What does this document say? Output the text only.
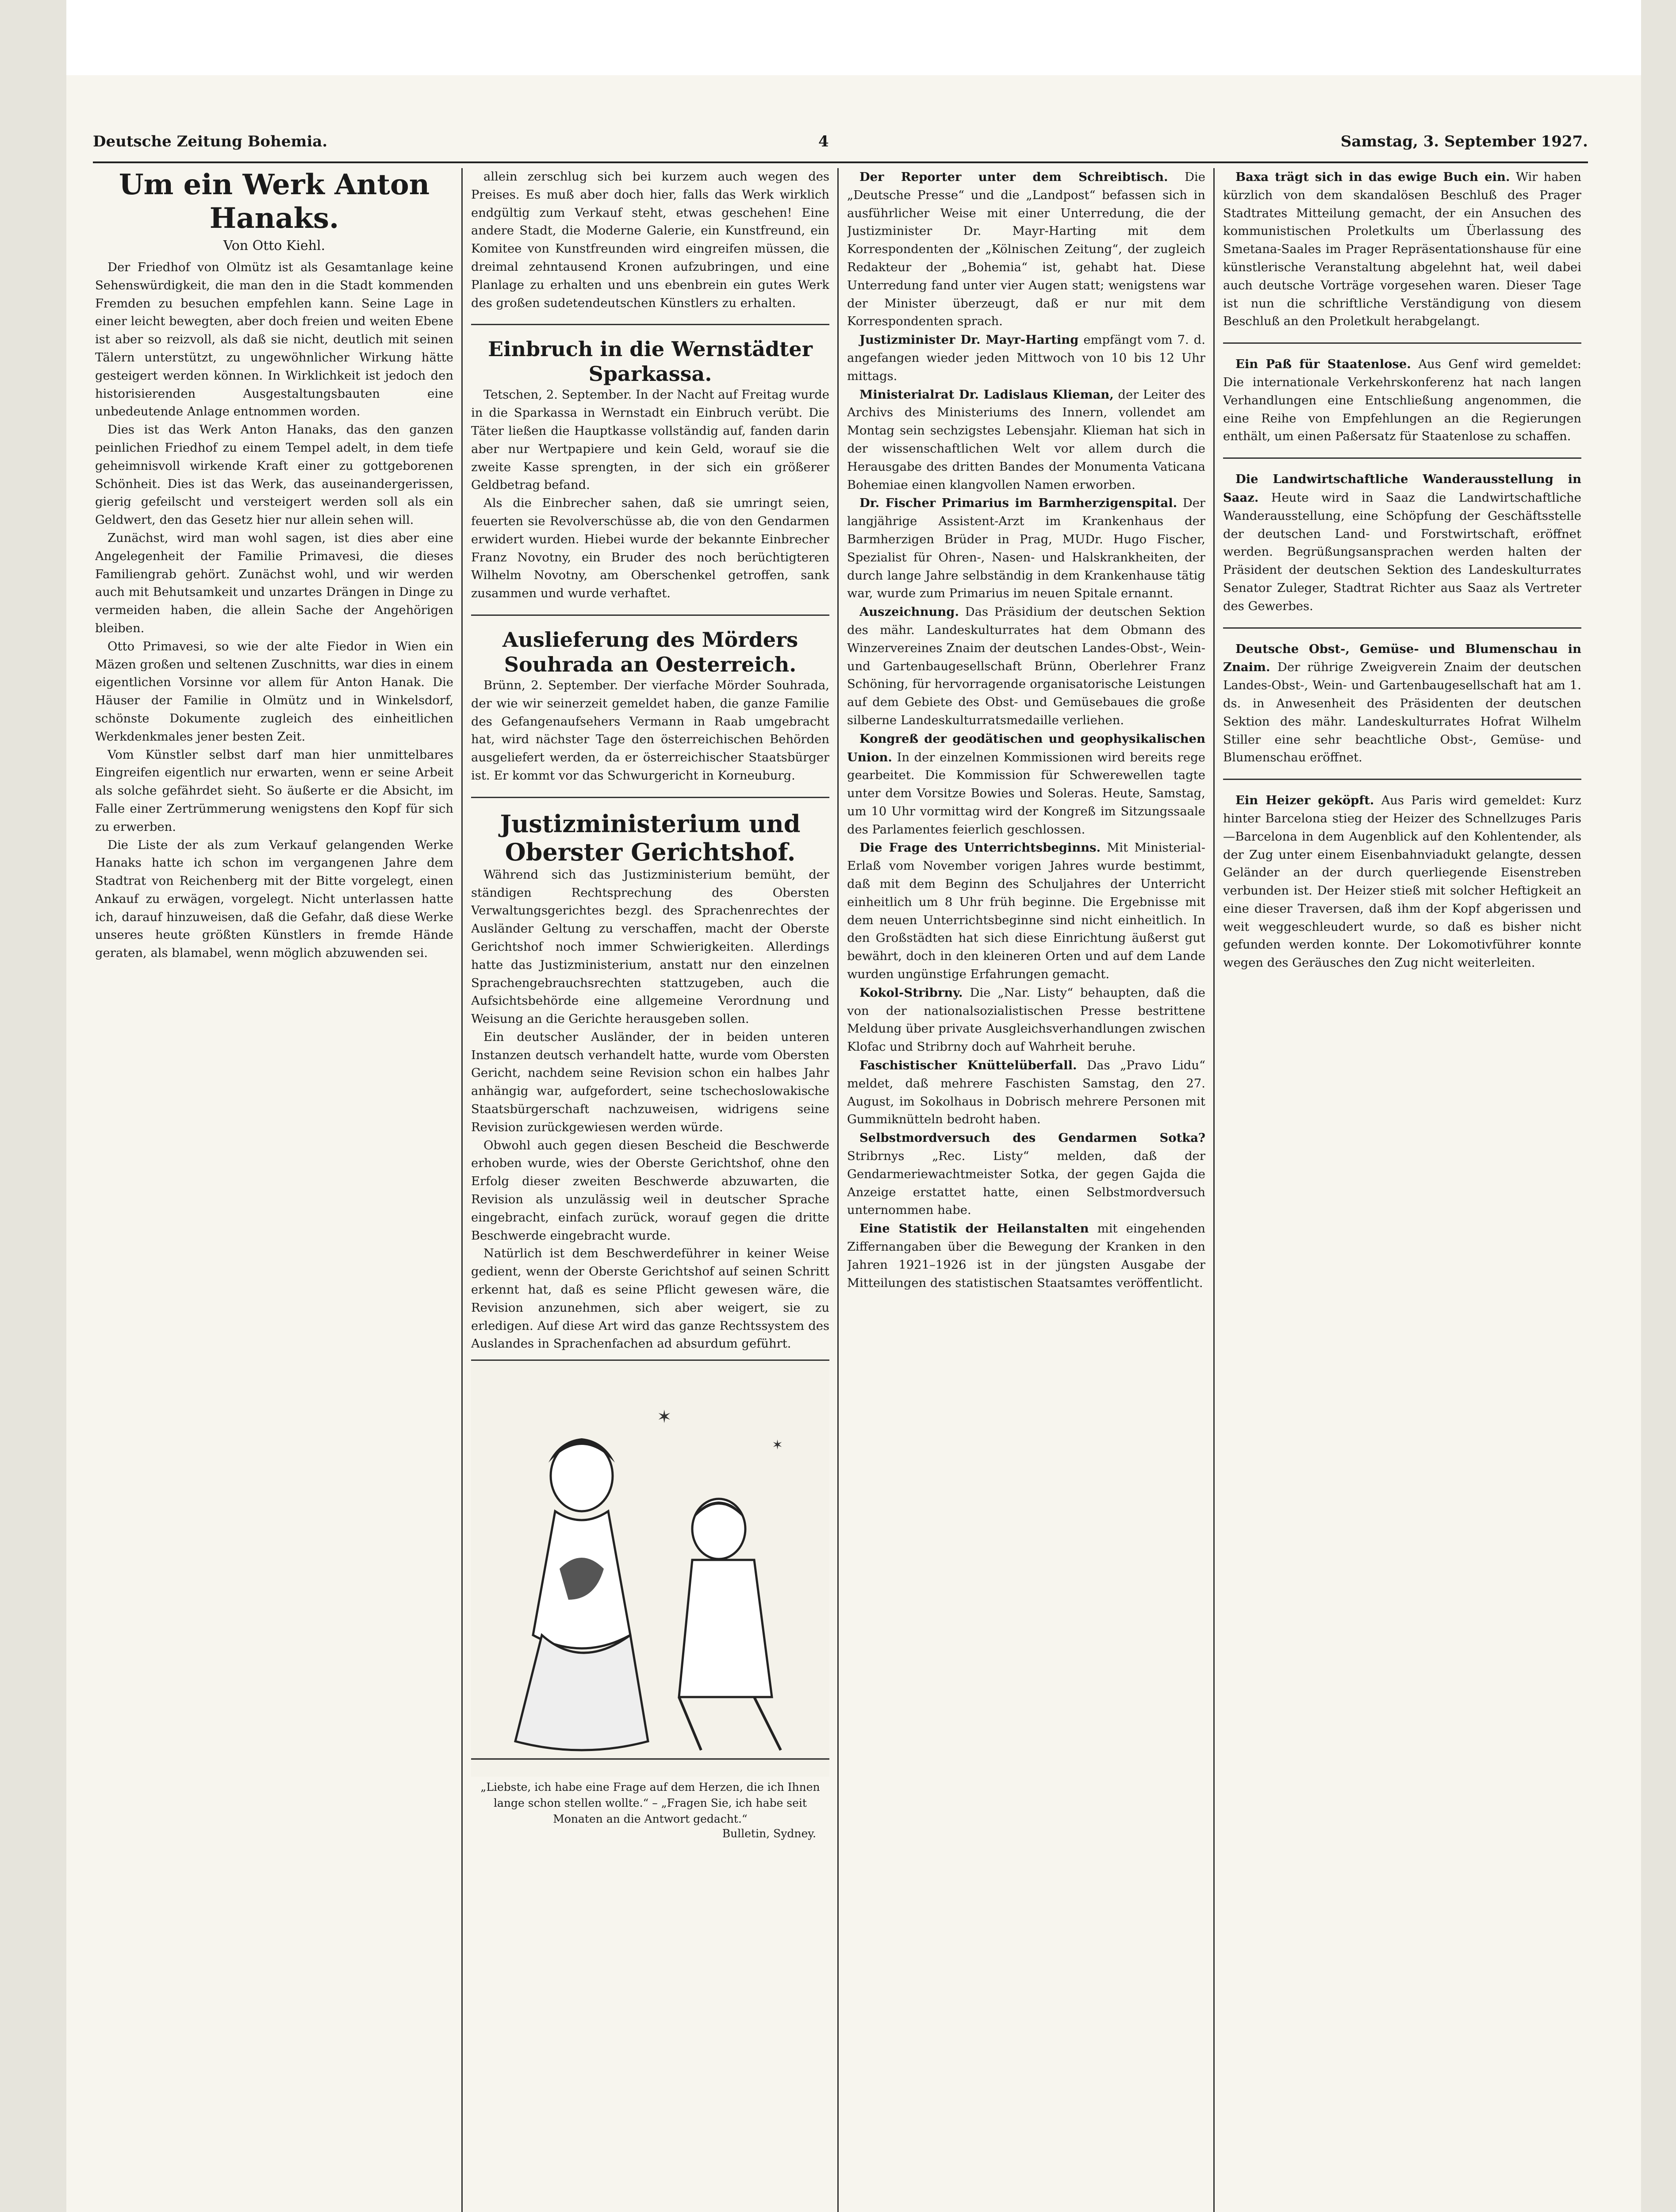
Deutsche Zeitung Bohemia.	4	Samstag, 3. September 1927.
Um ein Werk Anton Hanaks.
Von Otto Kiehl.

Der Friedhof von Olmütz ist als Gesamtanlage keine Sehenswürdigkeit, die man den in die Stadt kommenden Fremden zu besuchen empfehlen kann. Seine Lage in einer leicht bewegten, aber doch freien und weiten Ebene ist aber so reizvoll, als daß sie nicht, deutlich mit seinen Tälern unterstützt, zu ungewöhnlicher Wirkung hätte gesteigert werden können. In Wirklichkeit ist jedoch den historisierenden Ausgestaltungsbauten eine unbedeutende Anlage entnommen worden.

Dies ist das Werk Anton Hanaks, das den ganzen peinlichen Friedhof zu einem Tempel adelt, in dem tiefe geheimnisvoll wirkende Kraft einer zu gottgeborenen Schönheit. Dies ist das Werk, das auseinandergerissen, gierig gefeilscht und versteigert werden soll als ein Geldwert, den das Gesetz hier nur allein sehen will.

Zunächst, wird man wohl sagen, ist dies aber eine Angelegenheit der Familie Primavesi, die dieses Familiengrab gehört. Zunächst wohl, und wir werden auch mit Behutsamkeit und unzartes Drängen in Dinge zu vermeiden haben, die allein Sache der Angehörigen bleiben.

Otto Primavesi, so wie der alte Fiedor in Wien ein Mäzen großen und seltenen Zuschnitts, war dies in einem eigentlichen Vorsinne vor allem für Anton Hanak. Die Häuser der Familie in Olmütz und in Winkelsdorf, schönste Dokumente zugleich des einheitlichen Werkdenkmales jener besten Zeit.

Vom Künstler selbst darf man hier unmittelbares Eingreifen eigentlich nur erwarten, wenn er seine Arbeit als solche gefährdet sieht. So äußerte er die Absicht, im Falle einer Zertrümmerung wenigstens den Kopf für sich zu erwerben.

Die Liste der als zum Verkauf gelangenden Werke Hanaks hatte ich schon im vergangenen Jahre dem Stadtrat von Reichenberg mit der Bitte vorgelegt, einen Ankauf zu erwägen, vorgelegt. Nicht unterlassen hatte ich, darauf hinzuweisen, daß die Gefahr, daß diese Werke unseres heute größten Künstlers in fremde Hände geraten, als blamabel, wenn möglich abzuwenden sei.

allein zerschlug sich bei kurzem auch wegen des Preises. Es muß aber doch hier, falls das Werk wirklich endgültig zum Verkauf steht, etwas geschehen! Eine andere Stadt, die Moderne Galerie, ein Kunstfreund, ein Komitee von Kunstfreunden wird eingreifen müssen, die dreimal zehntausend Kronen aufzubringen, und eine Planlage zu erhalten und uns ebenbrein ein gutes Werk des großen sudetendeutschen Künstlers zu erhalten.

Einbruch in die Wernstädter Sparkassa.

Tetschen, 2. September. In der Nacht auf Freitag wurde in die Sparkassa in Wernstadt ein Einbruch verübt. Die Täter ließen die Hauptkasse vollständig auf, fanden darin aber nur Wertpapiere und kein Geld, worauf sie die zweite Kasse sprengten, in der sich ein größerer Geldbetrag befand.

Als die Einbrecher sahen, daß sie umringt seien, feuerten sie Revolverschüsse ab, die von den Gendarmen erwidert wurden. Hiebei wurde der bekannte Einbrecher Franz Novotny, ein Bruder des noch berüchtigteren Wilhelm Novotny, am Oberschenkel getroffen, sank zusammen und wurde verhaftet.

Auslieferung des Mörders Souhrada an Oesterreich.

Brünn, 2. September. Der vierfache Mörder Souhrada, der wie wir seinerzeit gemeldet haben, die ganze Familie des Gefangenaufsehers Vermann in Raab umgebracht hat, wird nächster Tage den österreichischen Behörden ausgeliefert werden, da er österreichischer Staatsbürger ist. Er kommt vor das Schwurgericht in Korneuburg.

Justizministerium und Oberster Gerichtshof.

Während sich das Justizministerium bemüht, der ständigen Rechtsprechung des Obersten Verwaltungsgerichtes bezgl. des Sprachenrechtes der Ausländer Geltung zu verschaffen, macht der Oberste Gerichtshof noch immer Schwierigkeiten. Allerdings hatte das Justizministerium, anstatt nur den einzelnen Sprachengebrauchsrechten stattzugeben, auch die Aufsichtsbehörde eine allgemeine Verordnung und Weisung an die Gerichte herausgeben sollen.

Ein deutscher Ausländer, der in beiden unteren Instanzen deutsch verhandelt hatte, wurde vom Obersten Gericht, nachdem seine Revision schon ein halbes Jahr anhängig war, aufgefordert, seine tschechoslowakische Staatsbürgerschaft nachzuweisen, widrigens seine Revision zurückgewiesen werden würde.

Obwohl auch gegen diesen Bescheid die Beschwerde erhoben wurde, wies der Oberste Gerichtshof, ohne den Erfolg dieser zweiten Beschwerde abzuwarten, die Revision als unzulässig weil in deutscher Sprache eingebracht, einfach zurück, worauf gegen die dritte Beschwerde eingebracht wurde.

Natürlich ist dem Beschwerdeführer in keiner Weise gedient, wenn der Oberste Gerichtshof auf seinen Schritt erkennt hat, daß es seine Pflicht gewesen wäre, die Revision anzunehmen, sich aber weigert, sie zu erledigen. Auf diese Art wird das ganze Rechtssystem des Auslandes in Sprachenfachen ad absurdum geführt.

✶
✶
„Liebste, ich habe eine Frage auf dem Herzen, die ich Ihnen lange schon stellen wollte.“ – „Fragen Sie, ich habe seit Monaten an die Antwort gedacht.“
Bulletin, Sydney.

Der Reporter unter dem Schreibtisch. Die „Deutsche Presse“ und die „Landpost“ befassen sich in ausführlicher Weise mit einer Unterredung, die der Justizminister Dr. Mayr-Harting mit dem Korrespondenten der „Kölnischen Zeitung“, der zugleich Redakteur der „Bohemia“ ist, gehabt hat. Diese Unterredung fand unter vier Augen statt; wenigstens war der Minister überzeugt, daß er nur mit dem Korrespondenten sprach.

Justizminister Dr. Mayr-Harting empfängt vom 7. d. angefangen wieder jeden Mittwoch von 10 bis 12 Uhr mittags.

Ministerialrat Dr. Ladislaus Klieman, der Leiter des Archivs des Ministeriums des Innern, vollendet am Montag sein sechzigstes Lebensjahr. Klieman hat sich in der wissenschaftlichen Welt vor allem durch die Herausgabe des dritten Bandes der Monumenta Vaticana Bohemiae einen klangvollen Namen erworben.

Dr. Fischer Primarius im Barmherzigenspital. Der langjährige Assistent-Arzt im Krankenhaus der Barmherzigen Brüder in Prag, MUDr. Hugo Fischer, Spezialist für Ohren-, Nasen- und Halskrankheiten, der durch lange Jahre selbständig in dem Krankenhause tätig war, wurde zum Primarius im neuen Spitale ernannt.

Auszeichnung. Das Präsidium der deutschen Sektion des mähr. Landeskulturrates hat dem Obmann des Winzervereines Znaim der deutschen Landes-Obst-, Wein- und Gartenbaugesellschaft Brünn, Oberlehrer Franz Schöning, für hervorragende organisatorische Leistungen auf dem Gebiete des Obst- und Gemüsebaues die große silberne Landeskulturratsmedaille verliehen.

Kongreß der geodätischen und geophysikalischen Union. In der einzelnen Kommissionen wird bereits rege gearbeitet. Die Kommission für Schwerewellen tagte unter dem Vorsitze Bowies und Soleras. Heute, Samstag, um 10 Uhr vormittag wird der Kongreß im Sitzungssaale des Parlamentes feierlich geschlossen.

Die Frage des Unterrichtsbeginns. Mit Ministerial-Erlaß vom November vorigen Jahres wurde bestimmt, daß mit dem Beginn des Schuljahres der Unterricht einheitlich um 8 Uhr früh beginne. Die Ergebnisse mit dem neuen Unterrichtsbeginne sind nicht einheitlich. In den Großstädten hat sich diese Einrichtung äußerst gut bewährt, doch in den kleineren Orten und auf dem Lande wurden ungünstige Erfahrungen gemacht.

Kokol-Stribrny. Die „Nar. Listy“ behaupten, daß die von der nationalsozialistischen Presse bestrittene Meldung über private Ausgleichsverhandlungen zwischen Klofac und Stribrny doch auf Wahrheit beruhe.

Faschistischer Knüttelüberfall. Das „Pravo Lidu“ meldet, daß mehrere Faschisten Samstag, den 27. August, im Sokolhaus in Dobrisch mehrere Personen mit Gummiknütteln bedroht haben.

Selbstmordversuch des Gendarmen Sotka? Stribrnys „Rec. Listy“ melden, daß der Gendarmeriewachtmeister Sotka, der gegen Gajda die Anzeige erstattet hatte, einen Selbstmordversuch unternommen habe.

Eine Statistik der Heilanstalten mit eingehenden Ziffernangaben über die Bewegung der Kranken in den Jahren 1921–1926 ist in der jüngsten Ausgabe der Mitteilungen des statistischen Staatsamtes veröffentlicht.

Baxa trägt sich in das ewige Buch ein. Wir haben kürzlich von dem skandalösen Beschluß des Prager Stadtrates Mitteilung gemacht, der ein Ansuchen des kommunistischen Proletkults um Überlassung des Smetana-Saales im Prager Repräsentationshause für eine künstlerische Veranstaltung abgelehnt hat, weil dabei auch deutsche Vorträge vorgesehen waren. Dieser Tage ist nun die schriftliche Verständigung von diesem Beschluß an den Proletkult herabgelangt.

Ein Paß für Staatenlose. Aus Genf wird gemeldet: Die internationale Verkehrskonferenz hat nach langen Verhandlungen eine Entschließung angenommen, die eine Reihe von Empfehlungen an die Regierungen enthält, um einen Paßersatz für Staatenlose zu schaffen.

Die Landwirtschaftliche Wanderausstellung in Saaz. Heute wird in Saaz die Landwirtschaftliche Wanderausstellung, eine Schöpfung der Geschäftsstelle der deutschen Land- und Forstwirtschaft, eröffnet werden. Begrüßungsansprachen werden halten der Präsident der deutschen Sektion des Landeskulturrates Senator Zuleger, Stadtrat Richter aus Saaz als Vertreter des Gewerbes.

Deutsche Obst-, Gemüse- und Blumenschau in Znaim. Der rührige Zweigverein Znaim der deutschen Landes-Obst-, Wein- und Gartenbaugesellschaft hat am 1. ds. in Anwesenheit des Präsidenten der deutschen Sektion des mähr. Landeskulturrates Hofrat Wilhelm Stiller eine sehr beachtliche Obst-, Gemüse- und Blumenschau eröffnet.

Ein Heizer geköpft. Aus Paris wird gemeldet: Kurz hinter Barcelona stieg der Heizer des Schnellzuges Paris—Barcelona in dem Augenblick auf den Kohlentender, als der Zug unter einem Eisenbahnviadukt gelangte, dessen Geländer an der durch querliegende Eisenstreben verbunden ist. Der Heizer stieß mit solcher Heftigkeit an eine dieser Traversen, daß ihm der Kopf abgerissen und weit weggeschleudert wurde, so daß es bisher nicht gefunden werden konnte. Der Lokomotivführer konnte wegen des Geräusches den Zug nicht weiterleiten.
